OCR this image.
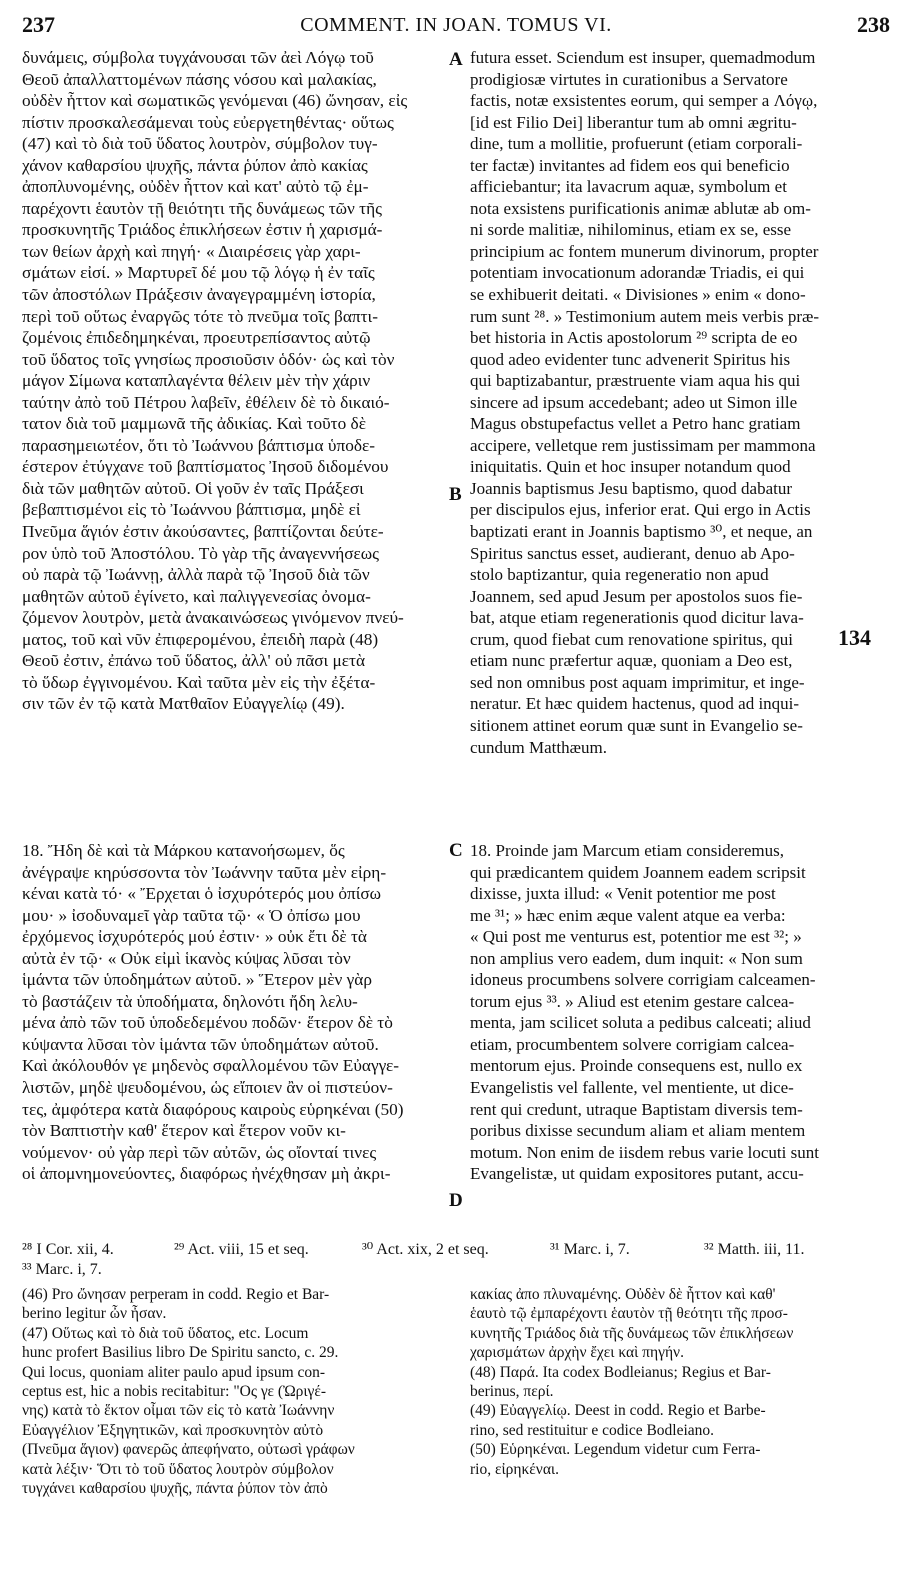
237	COMMENT. IN JOAN. TOMUS VI.	238
δυνάμεις, σύμβολα τυγχάνουσαι τῶν ἀεὶ Λόγῳ τοῦ
Θεοῦ ἀπαλλαττομένων πάσης νόσου καὶ μαλακίας,
οὐδὲν ἧττον καὶ σωματικῶς γενόμεναι (46) ὤνησαν, εἰς
πίστιν προσκαλεσάμεναι τοὺς εὐεργετηθέντας· οὕτως
(47) καὶ τὸ διὰ τοῦ ὕδατος λουτρὸν, σύμβολον τυγ-
χάνον καθαρσίου ψυχῆς, πάντα ῥύπον ἀπὸ κακίας
ἀποπλυνομένης, οὐδὲν ἧττον καὶ κατ' αὐτὸ τῷ ἐμ-
παρέχοντι ἑαυτὸν τῇ θειότητι τῆς δυνάμεως τῶν τῆς
προσκυνητῆς Τριάδος ἐπικλήσεων ἐστιν ἡ χαρισμά-
των θείων ἀρχὴ καὶ πηγή· « Διαιρέσεις γὰρ χαρι-
σμάτων εἰσί. » Μαρτυρεῖ δέ μου τῷ λόγῳ ἡ ἐν ταῖς
τῶν ἀποστόλων Πράξεσιν ἀναγεγραμμένη ἱστορία,
περὶ τοῦ οὕτως ἐναργῶς τότε τὸ πνεῦμα τοῖς βαπτι-
ζομένοις ἐπιδεδημηκέναι, προευτρεπίσαντος αὐτῷ
τοῦ ὕδατος τοῖς γνησίως προσιοῦσιν ὁδόν· ὡς καὶ τὸν
μάγον Σίμωνα καταπλαγέντα θέλειν μὲν τὴν χάριν
ταύτην ἀπὸ τοῦ Πέτρου λαβεῖν, ἐθέλειν δὲ τὸ δικαιό-
τατον διὰ τοῦ μαμμωνᾶ τῆς ἀδικίας. Καὶ τοῦτο δὲ
παρασημειωτέον, ὅτι τὸ Ἰωάννου βάπτισμα ὑποδε-
έστερον ἐτύγχανε τοῦ βαπτίσματος Ἰησοῦ διδομένου
διὰ τῶν μαθητῶν αὐτοῦ. Οἱ γοῦν ἐν ταῖς Πράξεσι
βεβαπτισμένοι εἰς τὸ Ἰωάννου βάπτισμα, μηδὲ εἰ
Πνεῦμα ἅγιόν ἐστιν ἀκούσαντες, βαπτίζονται δεύτε-
ρον ὑπὸ τοῦ Ἀποστόλου. Τὸ γὰρ τῆς ἀναγεννήσεως
οὐ παρὰ τῷ Ἰωάννῃ, ἀλλὰ παρὰ τῷ Ἰησοῦ διὰ τῶν
μαθητῶν αὐτοῦ ἐγίνετο, καὶ παλιγγενεσίας ὀνομα-
ζόμενον λουτρὸν, μετὰ ἀνακαινώσεως γινόμενον πνεύ-
ματος, τοῦ καὶ νῦν ἐπιφερομένου, ἐπειδὴ παρὰ (48)
Θεοῦ ἐστιν, ἐπάνω τοῦ ὕδατος, ἀλλ' οὐ πᾶσι μετὰ
τὸ ὕδωρ ἐγγινομένου. Καὶ ταῦτα μὲν εἰς τὴν ἐξέτα-
σιν τῶν ἐν τῷ κατὰ Ματθαῖον Εὐαγγελίῳ (49).
futura esset. Sciendum est insuper, quemadmodum
prodigiosæ virtutes in curationibus a Servatore
factis, notæ exsistentes eorum, qui semper a Λόγῳ,
[id est Filio Dei] liberantur tum ab omni ægritu-
dine, tum a mollitie, profuerunt (etiam corporali-
ter factæ) invitantes ad fidem eos qui beneficio
afficiebantur; ita lavacrum aquæ, symbolum et
nota exsistens purificationis animæ ablutæ ab om-
ni sorde malitiæ, nihilominus, etiam ex se, esse
principium ac fontem munerum divinorum, propter
potentiam invocationum adorandæ Triadis, ei qui
se exhibuerit deitati. « Divisiones » enim « dono-
rum sunt ²⁸. » Testimonium autem meis verbis præ-
bet historia in Actis apostolorum ²⁹ scripta de eo
quod adeo evidenter tunc advenerit Spiritus his
qui baptizabantur, præstruente viam aqua his qui
sincere ad ipsum accedebant; adeo ut Simon ille
Magus obstupefactus vellet a Petro hanc gratiam
accipere, velletque rem justissimam per mammona
iniquitatis. Quin et hoc insuper notandum quod
Joannis baptismus Jesu baptismo, quod dabatur
per discipulos ejus, inferior erat. Qui ergo in Actis
baptizati erant in Joannis baptismo ³⁰, et neque, an
Spiritus sanctus esset, audierant, denuo ab Apo-
stolo baptizantur, quia regeneratio non apud
Joannem, sed apud Jesum per apostolos suos fie-
bat, atque etiam regenerationis quod dicitur lava-
crum, quod fiebat cum renovatione spiritus, qui
etiam nunc præfertur aquæ, quoniam a Deo est,
sed non omnibus post aquam imprimitur, et inge-
neratur. Et hæc quidem hactenus, quod ad inqui-
sitionem attinet eorum quæ sunt in Evangelio se-
cundum Matthæum.
18. Ἤδη δὲ καὶ τὰ Μάρκου κατανοήσωμεν, ὅς
ἀνέγραψε κηρύσσοντα τὸν Ἰωάννην ταῦτα μὲν εἰρη-
κέναι κατὰ τό· « Ἔρχεται ὁ ἰσχυρότερός μου ὀπίσω
μου· » ἰσοδυναμεῖ γὰρ ταῦτα τῷ· « Ὁ ὀπίσω μου
ἐρχόμενος ἰσχυρότερός μού ἐστιν· » οὐκ ἔτι δὲ τὰ
αὐτὰ ἐν τῷ· « Οὐκ εἰμὶ ἱκανὸς κύψας λῦσαι τὸν
ἱμάντα τῶν ὑποδημάτων αὐτοῦ. » Ἕτερον μὲν γὰρ
τὸ βαστάζειν τὰ ὑποδήματα, δηλονότι ἤδη λελυ-
μένα ἀπὸ τῶν τοῦ ὑποδεδεμένου ποδῶν· ἕτερον δὲ τὸ
κύψαντα λῦσαι τὸν ἱμάντα τῶν ὑποδημάτων αὐτοῦ.
Καὶ ἀκόλουθόν γε μηδενὸς σφαλλομένου τῶν Εὐαγγε-
λιστῶν, μηδὲ ψευδομένου, ὡς εἴποιεν ἂν οἱ πιστεύον-
τες, ἀμφότερα κατὰ διαφόρους καιροὺς εὑρηκέναι (50)
τὸν Βαπτιστὴν καθ' ἕτερον καὶ ἕτερον νοῦν κι-
νούμενον· οὐ γὰρ περὶ τῶν αὐτῶν, ὡς οἴονταί τινες
οἱ ἀπομνημονεύοντες, διαφόρως ἠνέχθησαν μὴ ἀκρι-
18. Proinde jam Marcum etiam consideremus,
qui prædicantem quidem Joannem eadem scripsit
dixisse, juxta illud: « Venit potentior me post
me ³¹; » hæc enim æque valent atque ea verba:
« Qui post me venturus est, potentior me est ³²; »
non amplius vero eadem, dum inquit: « Non sum
idoneus procumbens solvere corrigiam calceamen-
torum ejus ³³. » Aliud est etenim gestare calcea-
menta, jam scilicet soluta a pedibus calceati; aliud
etiam, procumbentem solvere corrigiam calcea-
mentorum ejus. Proinde consequens est, nullo ex
Evangelistis vel fallente, vel mentiente, ut dice-
rent qui credunt, utraque Baptistam diversis tem-
poribus dixisse secundum aliam et aliam mentem
motum. Non enim de iisdem rebus varie locuti sunt
Evangelistæ, ut quidam expositores putant, accu-
A
B
C
D
134
²⁸ I Cor. xii, 4.	²⁹ Act. viii, 15 et seq.	³⁰ Act. xix, 2 et seq.	³¹ Marc. i, 7.	³² Matth. iii, 11.
³³ Marc. i, 7.
(46) Pro ὤνησαν perperam in codd. Regio et Bar-
berino legitur ὦν ἦσαν.
(47) Οὕτως καὶ τὸ διὰ τοῦ ὕδατος, etc. Locum
hunc profert Basilius libro De Spiritu sancto, c. 29.
Qui locus, quoniam aliter paulo apud ipsum con-
ceptus est, hic a nobis recitabitur: "Ος γε (Ὠριγέ-
νης) κατὰ τὸ ἕκτον οἶμαι τῶν εἰς τὸ κατὰ Ἰωάννην
Εὐαγγέλιον Ἐξηγητικῶν, καὶ προσκυνητὸν αὐτὸ
(Πνεῦμα ἅγιον) φανερῶς ἀπεφήνατο, οὑτωσὶ γράφων
κατὰ λέξιν· Ὅτι τὸ τοῦ ὕδατος λουτρὸν σύμβολον
τυγχάνει καθαρσίου ψυχῆς, πάντα ῥύπον τὸν ἀπὸ
κακίας ἀπο πλυναμένης. Οὐδὲν δὲ ἧττον καὶ καθ'
ἑαυτὸ τῷ ἐμπαρέχοντι ἑαυτὸν τῇ θεότητι τῆς προσ-
κυνητῆς Τριάδος διὰ τῆς δυνάμεως τῶν ἐπικλήσεων
χαρισμάτων ἀρχὴν ἔχει καὶ πηγήν.
(48) Παρά. Ita codex Bodleianus; Regius et Bar-
berinus, περί.
(49) Εὐαγγελίῳ. Deest in codd. Regio et Barbe-
rino, sed restituitur e codice Bodleiano.
(50) Εὑρηκέναι. Legendum videtur cum Ferra-
rio, εἰρηκέναι.
